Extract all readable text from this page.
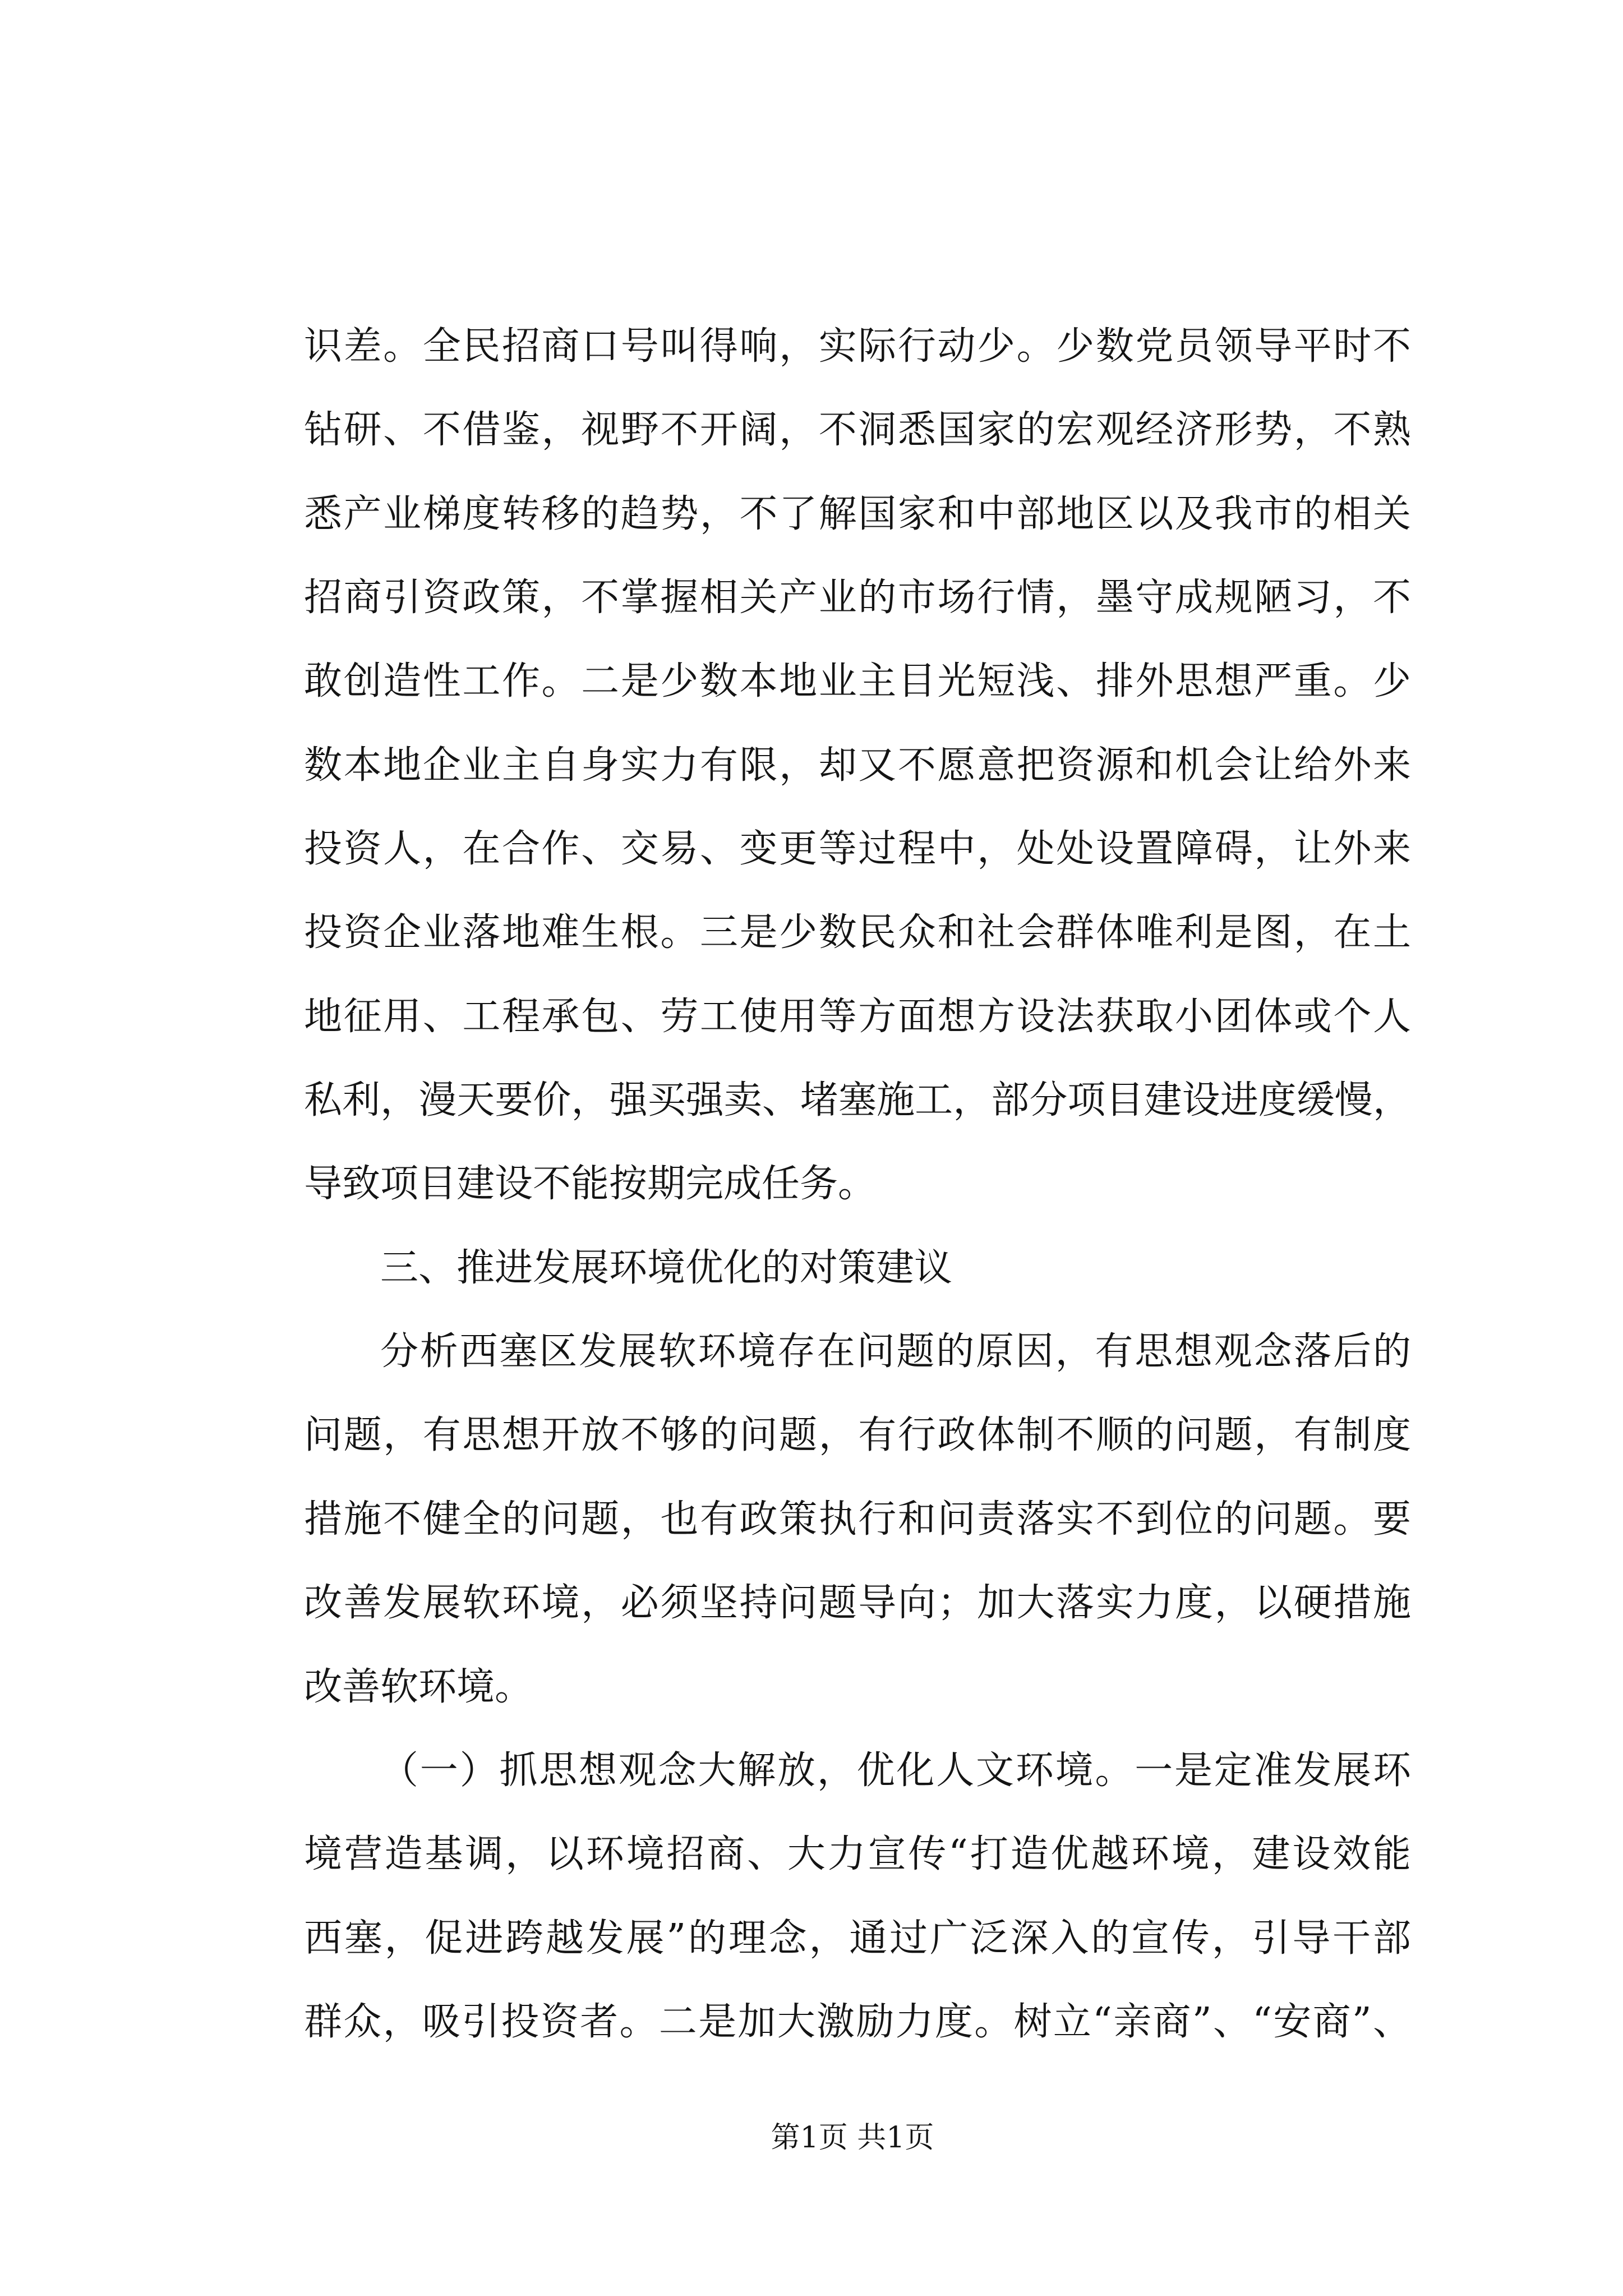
识差。全民招商口号叫得响，实际行动少。少数党员领导平时不
钻研、不借鉴，视野不开阔，不洞悉国家的宏观经济形势，不熟
悉产业梯度转移的趋势，不了解国家和中部地区以及我市的相关
招商引资政策，不掌握相关产业的市场行情，墨守成规陋习，不
敢创造性工作。二是少数本地业主目光短浅、排外思想严重。少
数本地企业主自身实力有限，却又不愿意把资源和机会让给外来
投资人，在合作、交易、变更等过程中，处处设置障碍，让外来
投资企业落地难生根。三是少数民众和社会群体唯利是图，在土
地征用、工程承包、劳工使用等方面想方设法获取小团体或个人
私利，漫天要价，强买强卖、堵塞施工，部分项目建设进度缓慢，
导致项目建设不能按期完成任务。
三、推进发展环境优化的对策建议
分析西塞区发展软环境存在问题的原因，有思想观念落后的
问题，有思想开放不够的问题，有行政体制不顺的问题，有制度
措施不健全的问题，也有政策执行和问责落实不到位的问题。要
改善发展软环境，必须坚持问题导向；加大落实力度，以硬措施
改善软环境。
（一）抓思想观念大解放，优化人文环境。一是定准发展环
境营造基调，以环境招商、大力宣传“打造优越环境，建设效能
西塞，促进跨越发展”的理念，通过广泛深入的宣传，引导干部
群众，吸引投资者。二是加大激励力度。树立“亲商”、“安商”、
第1页 共1页
